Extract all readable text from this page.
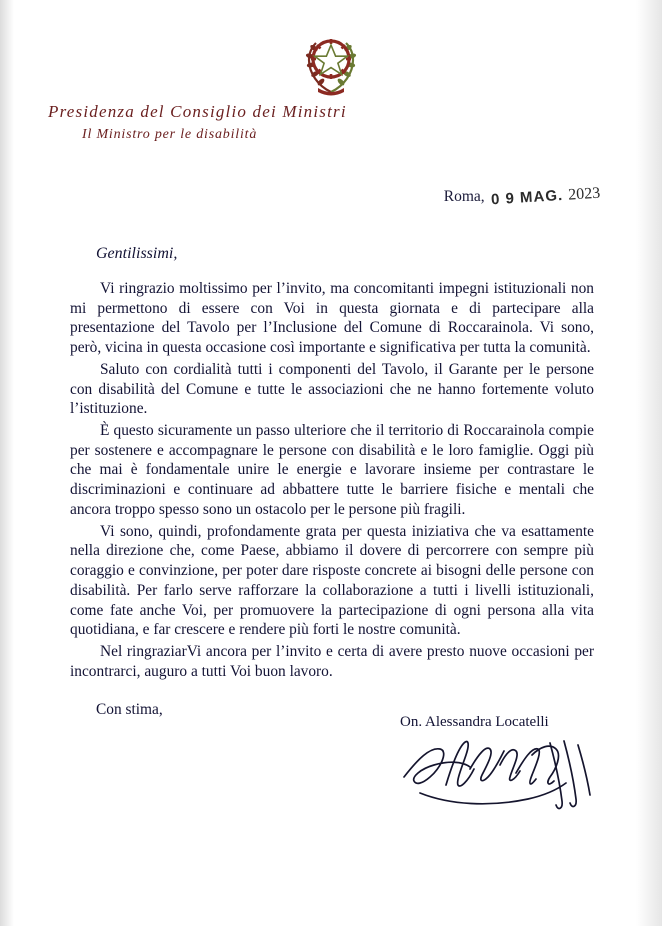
Presidenza del Consiglio dei Ministri
Il Ministro per le disabilità
Roma, 0 9 MAG. 2023
Gentilissimi,

Vi ringrazio moltissimo per l’invito, ma concomitanti impegni istituzionali non mi permettono di essere con Voi in questa giornata e di partecipare alla presentazione del Tavolo per l’Inclusione del Comune di Roccarainola. Vi sono, però, vicina in questa occasione così importante e significativa per tutta la comunità.

Saluto con cordialità tutti i componenti del Tavolo, il Garante per le persone con disabilità del Comune e tutte le associazioni che ne hanno fortemente voluto l’istituzione.

È questo sicuramente un passo ulteriore che il territorio di Roccarainola compie per sostenere e accompagnare le persone con disabilità e le loro famiglie. Oggi più che mai è fondamentale unire le energie e lavorare insieme per contrastare le discriminazioni e continuare ad abbattere tutte le barriere fisiche e mentali che ancora troppo spesso sono un ostacolo per le persone più fragili.

Vi sono, quindi, profondamente grata per questa iniziativa che va esattamente nella direzione che, come Paese, abbiamo il dovere di percorrere con sempre più coraggio e convinzione, per poter dare risposte concrete ai bisogni delle persone con disabilità. Per farlo serve rafforzare la collaborazione a tutti i livelli istituzionali, come fate anche Voi, per promuovere la partecipazione di ogni persona alla vita quotidiana, e far crescere e rendere più forti le nostre comunità.

Nel ringraziarVi ancora per l’invito e certa di avere presto nuove occasioni per incontrarci, auguro a tutti Voi buon lavoro.

Con stima,
On. Alessandra Locatelli
